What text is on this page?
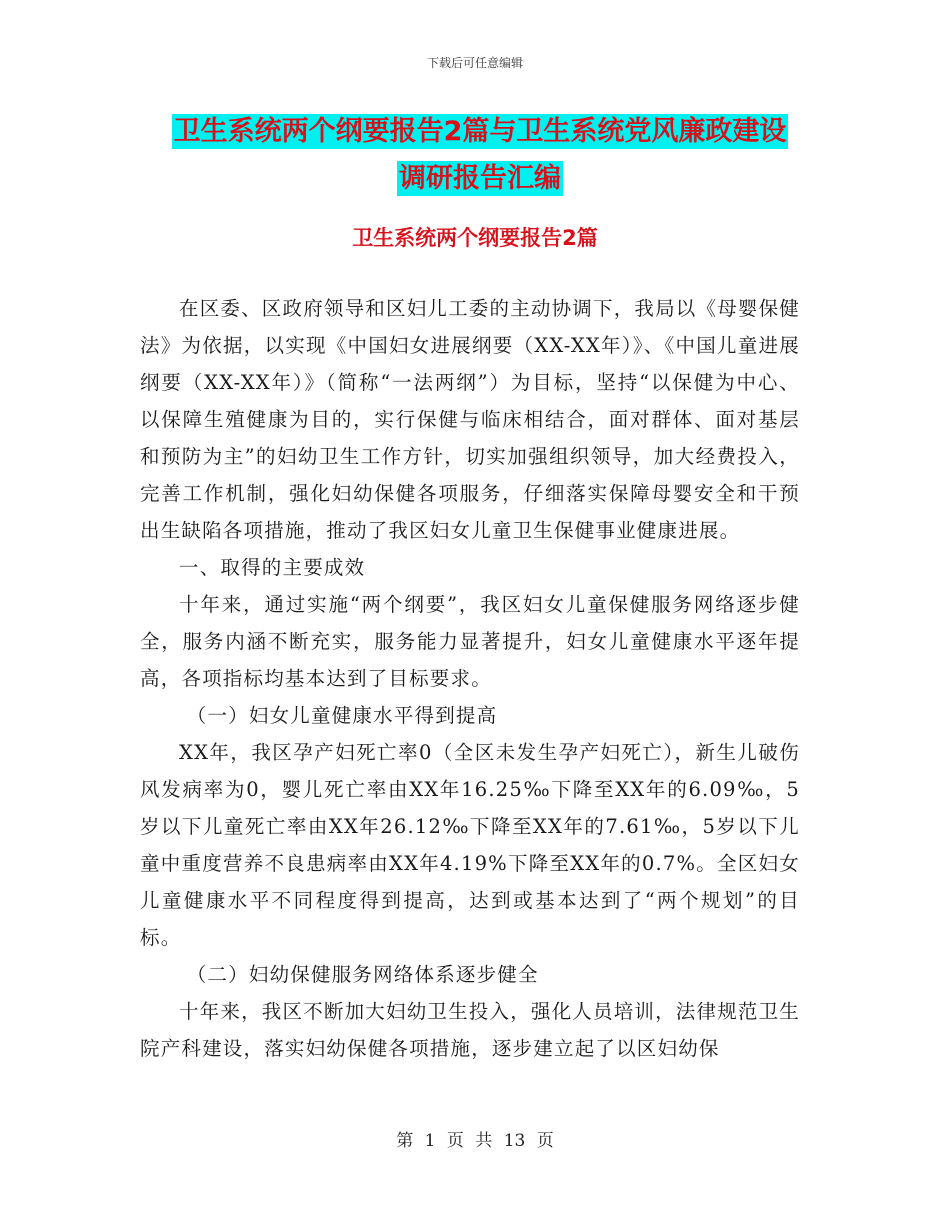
下载后可任意编辑
卫生系统两个纲要报告2篇与卫生系统党风廉政建设
调研报告汇编
卫生系统两个纲要报告2篇

在区委、区政府领导和区妇儿工委的主动协调下，我局以《母婴保健法》为依据，以实现《中国妇女进展纲要（XX-XX年）》、《中国儿童进展纲要（XX-XX年）》（简称“一法两纲”）为目标，坚持“以保健为中心、以保障生殖健康为目的，实行保健与临床相结合，面对群体、面对基层和预防为主”的妇幼卫生工作方针，切实加强组织领导，加大经费投入，完善工作机制，强化妇幼保健各项服务，仔细落实保障母婴安全和干预出生缺陷各项措施，推动了我区妇女儿童卫生保健事业健康进展。

一、取得的主要成效

十年来，通过实施“两个纲要”，我区妇女儿童保健服务网络逐步健全，服务内涵不断充实，服务能力显著提升，妇女儿童健康水平逐年提高，各项指标均基本达到了目标要求。

（一）妇女儿童健康水平得到提高

XX年，我区孕产妇死亡率0（全区未发生孕产妇死亡），新生儿破伤风发病率为0，婴儿死亡率由XX年16.25‰下降至XX年的6.09‰，5岁以下儿童死亡率由XX年26.12‰下降至XX年的7.61‰，5岁以下儿童中重度营养不良患病率由XX年4.19%下降至XX年的0.7%。全区妇女儿童健康水平不同程度得到提高，达到或基本达到了“两个规划”的目标。

（二）妇幼保健服务网络体系逐步健全

十年来，我区不断加大妇幼卫生投入，强化人员培训，法律规范卫生院产科建设，落实妇幼保健各项措施，逐步建立起了以区妇幼保

第 1 页 共 13 页
